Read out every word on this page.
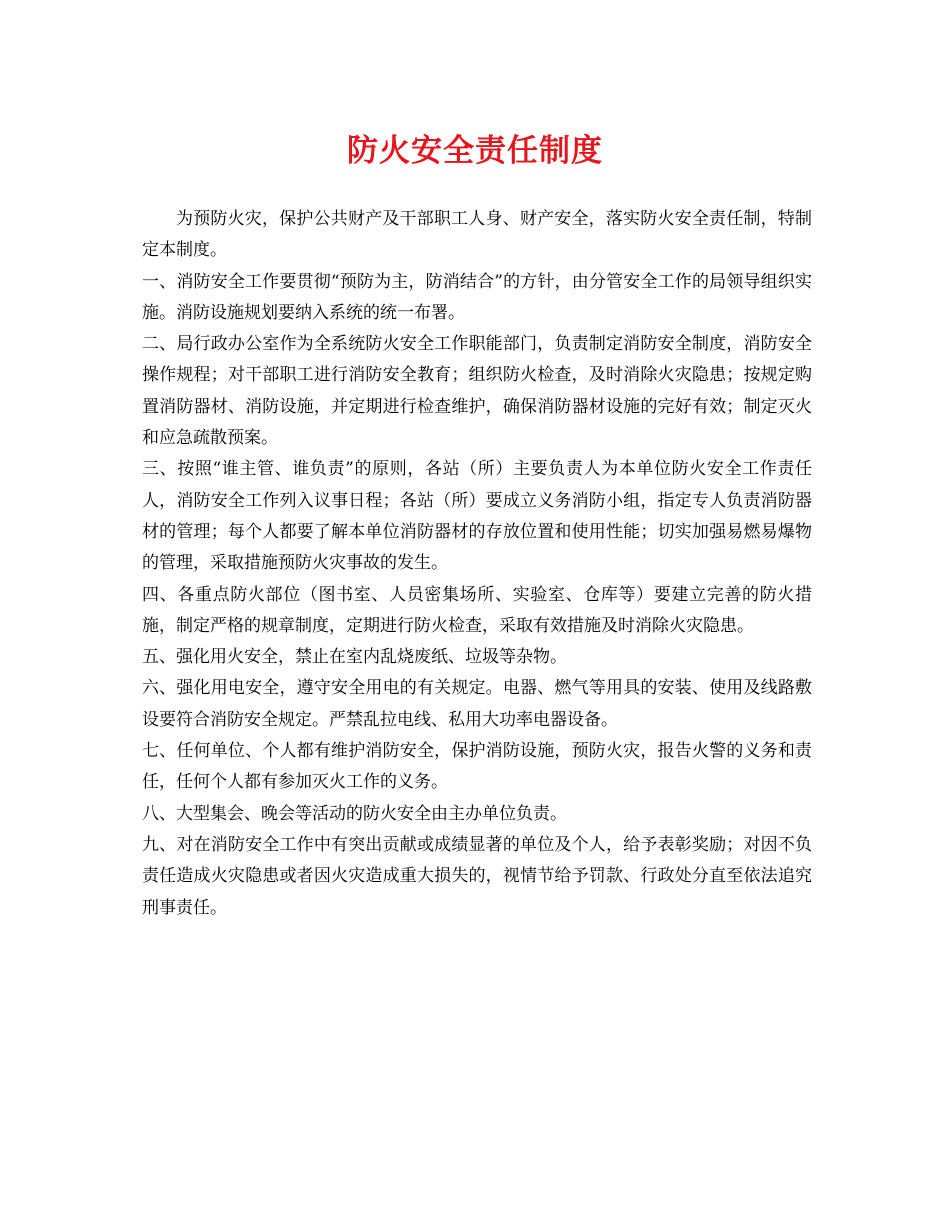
防火安全责任制度

为预防火灾，保护公共财产及干部职工人身、财产安全，落实防火安全责任制，特制定本制度。

一、消防安全工作要贯彻“预防为主，防消结合”的方针，由分管安全工作的局领导组织实施。消防设施规划要纳入系统的统一布署。

二、局行政办公室作为全系统防火安全工作职能部门，负责制定消防安全制度，消防安全操作规程；对干部职工进行消防安全教育；组织防火检查，及时消除火灾隐患；按规定购置消防器材、消防设施，并定期进行检查维护，确保消防器材设施的完好有效；制定灭火和应急疏散预案。

三、按照“谁主管、谁负责”的原则，各站（所）主要负责人为本单位防火安全工作责任人，消防安全工作列入议事日程；各站（所）要成立义务消防小组，指定专人负责消防器材的管理；每个人都要了解本单位消防器材的存放位置和使用性能；切实加强易燃易爆物的管理，采取措施预防火灾事故的发生。

四、各重点防火部位（图书室、人员密集场所、实验室、仓库等）要建立完善的防火措施，制定严格的规章制度，定期进行防火检查，采取有效措施及时消除火灾隐患。

五、强化用火安全，禁止在室内乱烧废纸、垃圾等杂物。

六、强化用电安全，遵守安全用电的有关规定。电器、燃气等用具的安装、使用及线路敷设要符合消防安全规定。严禁乱拉电线、私用大功率电器设备。

七、任何单位、个人都有维护消防安全，保护消防设施，预防火灾，报告火警的义务和责任，任何个人都有参加灭火工作的义务。

八、大型集会、晚会等活动的防火安全由主办单位负责。

九、对在消防安全工作中有突出贡献或成绩显著的单位及个人，给予表彰奖励；对因不负责任造成火灾隐患或者因火灾造成重大损失的，视情节给予罚款、行政处分直至依法追究刑事责任。
